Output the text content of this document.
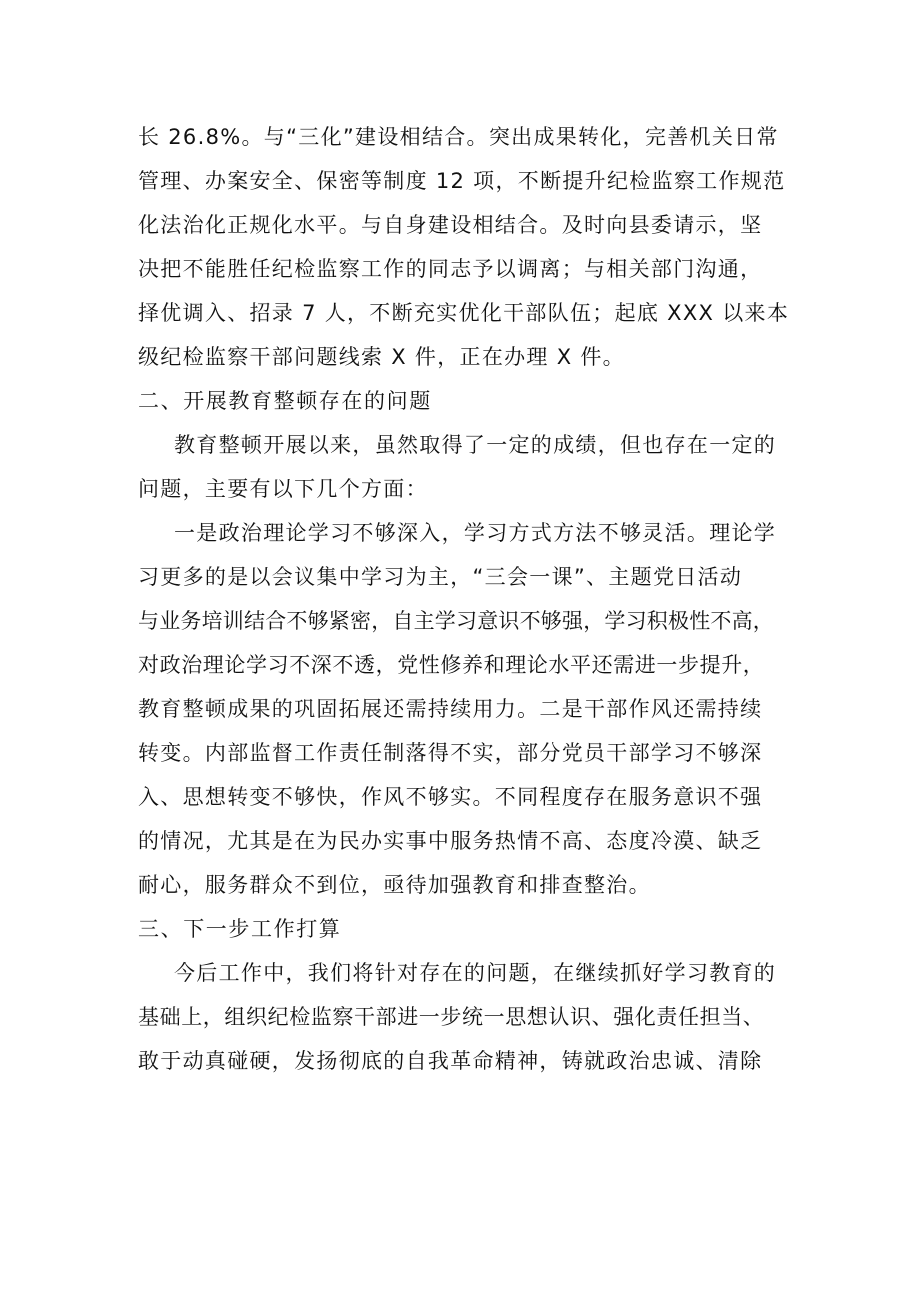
长 26.8%。与“三化”建设相结合。突出成果转化，完善机关日常
管理、办案安全、保密等制度 12 项，不断提升纪检监察工作规范
化法治化正规化水平。与自身建设相结合。及时向县委请示，坚
决把不能胜任纪检监察工作的同志予以调离；与相关部门沟通，
择优调入、招录 7 人，不断充实优化干部队伍；起底 XXX 以来本
级纪检监察干部问题线索 X 件，正在办理 X 件。
二、开展教育整顿存在的问题
教育整顿开展以来，虽然取得了一定的成绩，但也存在一定的
问题，主要有以下几个方面：
一是政治理论学习不够深入，学习方式方法不够灵活。理论学
习更多的是以会议集中学习为主，“三会一课”、主题党日活动
与业务培训结合不够紧密，自主学习意识不够强，学习积极性不高，
对政治理论学习不深不透，党性修养和理论水平还需进一步提升，
教育整顿成果的巩固拓展还需持续用力。二是干部作风还需持续
转变。内部监督工作责任制落得不实，部分党员干部学习不够深
入、思想转变不够快，作风不够实。不同程度存在服务意识不强
的情况，尤其是在为民办实事中服务热情不高、态度冷漠、缺乏
耐心，服务群众不到位，亟待加强教育和排查整治。
三、下一步工作打算
今后工作中，我们将针对存在的问题，在继续抓好学习教育的
基础上，组织纪检监察干部进一步统一思想认识、强化责任担当、
敢于动真碰硬，发扬彻底的自我革命精神，铸就政治忠诚、清除
